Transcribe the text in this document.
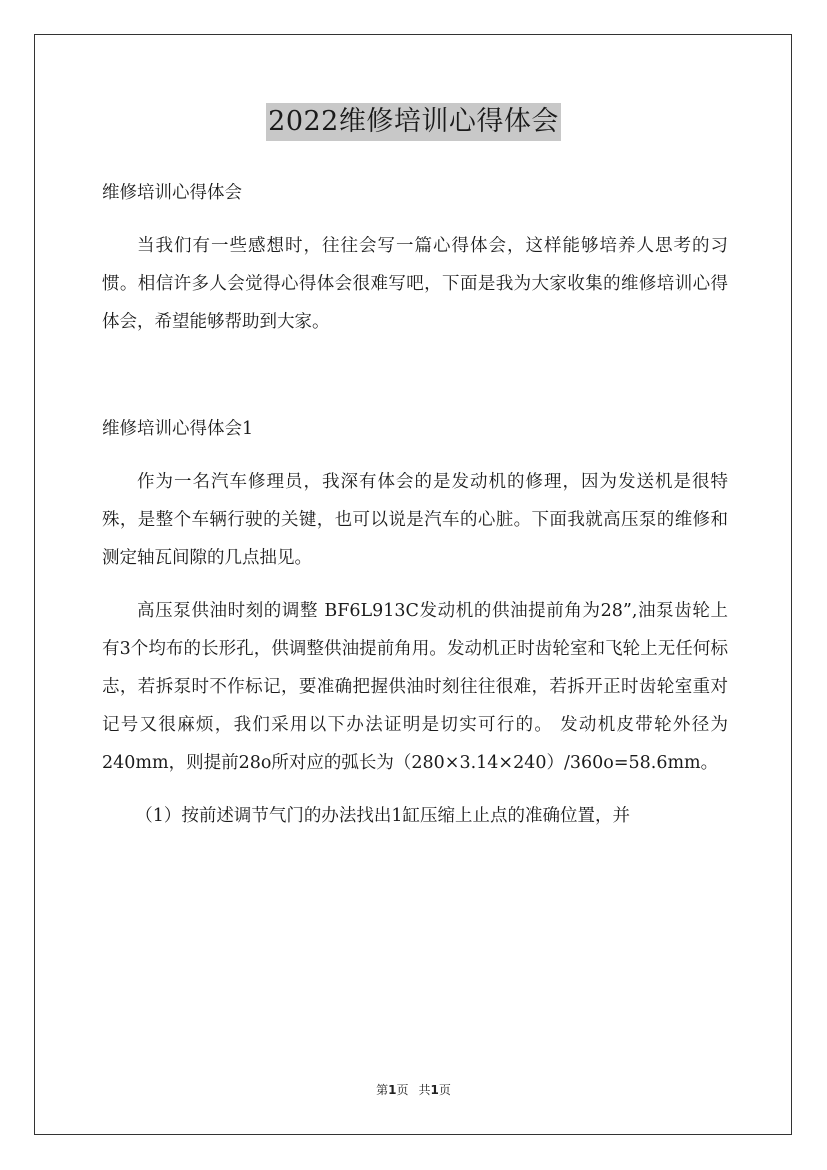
2022维修培训心得体会

维修培训心得体会

当我们有一些感想时，往往会写一篇心得体会，这样能够培养人思考的习惯。相信许多人会觉得心得体会很难写吧，下面是我为大家收集的维修培训心得体会，希望能够帮助到大家。

维修培训心得体会1

作为一名汽车修理员，我深有体会的是发动机的修理，因为发送机是很特殊，是整个车辆行驶的关键，也可以说是汽车的心脏。下面我就高压泵的维修和测定轴瓦间隙的几点拙见。

高压泵供油时刻的调整 BF6L913C发动机的供油提前角为28”,油泵齿轮上有3个均布的长形孔，供调整供油提前角用。发动机正时齿轮室和飞轮上无任何标志，若拆泵时不作标记，要准确把握供油时刻往往很难，若拆开正时齿轮室重对记号又很麻烦，我们采用以下办法证明是切实可行的。 发动机皮带轮外径为240mm，则提前28o所对应的弧长为（280×3.14×240）/360o=58.6mm。

（1）按前述调节气门的办法找出1缸压缩上止点的准确位置，并

第1页 共1页
